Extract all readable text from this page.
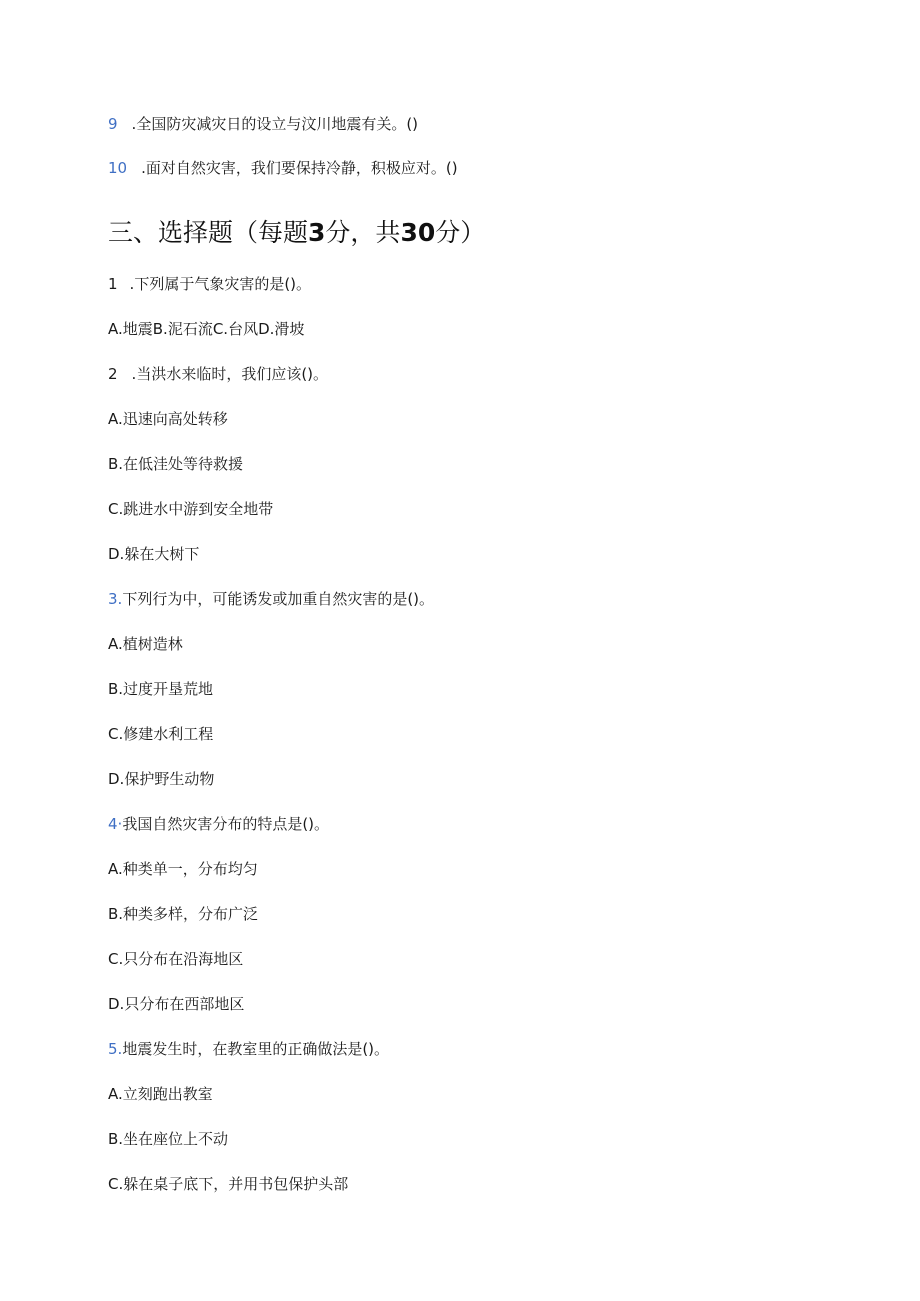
9 .全国防灾减灾日的设立与汶川地震有关。()
10 .面对自然灾害，我们要保持冷静，积极应对。()
三、选择题（每题3分，共30分）
1 .下列属于气象灾害的是()。
A.地震B.泥石流C.台风D.滑坡
2 .当洪水来临时，我们应该()。
A.迅速向高处转移
B.在低洼处等待救援
C.跳进水中游到安全地带
D.躲在大树下
3.下列行为中，可能诱发或加重自然灾害的是()。
A.植树造林
B.过度开垦荒地
C.修建水利工程
D.保护野生动物
4·我国自然灾害分布的特点是()。
A.种类单一，分布均匀
B.种类多样，分布广泛
C.只分布在沿海地区
D.只分布在西部地区
5.地震发生时，在教室里的正确做法是()。
A.立刻跑出教室
B.坐在座位上不动
C.躲在桌子底下，并用书包保护头部
